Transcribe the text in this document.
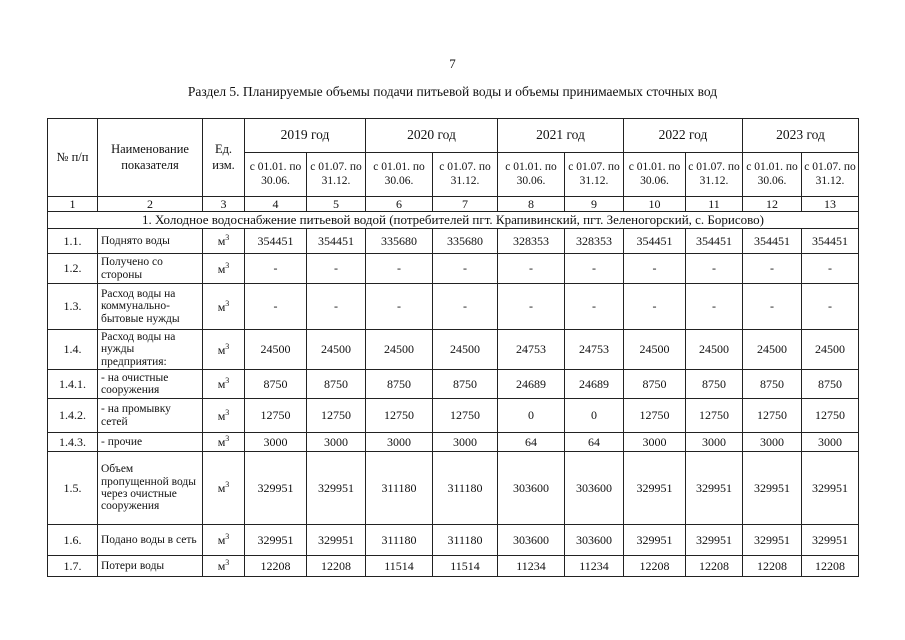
7
Раздел 5. Планируемые объемы подачи питьевой воды и объемы принимаемых сточных вод
№ п/п	Наименование показателя	Ед. изм.	2019 год		2020 год		2021 год		2022 год		2023 год	
			с 01.01. по 30.06.	с 01.07. по 31.12.	с 01.01. по 30.06.	с 01.07. по 31.12.	с 01.01. по 30.06.	с 01.07. по 31.12.	с 01.01. по 30.06.	с 01.07. по 31.12.	с 01.01. по 30.06.	с 01.07. по 31.12.
1	2	3	4	5	6	7	8	9	10	11	12	13
1. Холодное водоснабжение питьевой водой (потребителей пгт. Крапивинский, пгт. Зеленогорский, с. Борисово)												
1.1.	Поднято воды	$м^3$	354451	354451	335680	335680	328353	328353	354451	354451	354451	354451
1.2.	Получено со стороны	$м^3$	-	-	-	-	-	-	-	-	-	-
1.3.	Расход воды на коммунально-бытовые нужды	$м^3$	-	-	-	-	-	-	-	-	-	-
1.4.	Расход воды на нужды предприятия:	$м^3$	24500	24500	24500	24500	24753	24753	24500	24500	24500	24500
1.4.1.	- на очистные сооружения	$м^3$	8750	8750	8750	8750	24689	24689	8750	8750	8750	8750
1.4.2.	- на промывку сетей	$м^3$	12750	12750	12750	12750	0	0	12750	12750	12750	12750
1.4.3.	- прочие	$м^3$	3000	3000	3000	3000	64	64	3000	3000	3000	3000
1.5.	Объем пропущенной воды через очистные сооружения	$м^3$	329951	329951	311180	311180	303600	303600	329951	329951	329951	329951
1.6.	Подано воды в сеть	$м^3$	329951	329951	311180	311180	303600	303600	329951	329951	329951	329951
1.7.	Потери воды	$м^3$	12208	12208	11514	11514	11234	11234	12208	12208	12208	12208
